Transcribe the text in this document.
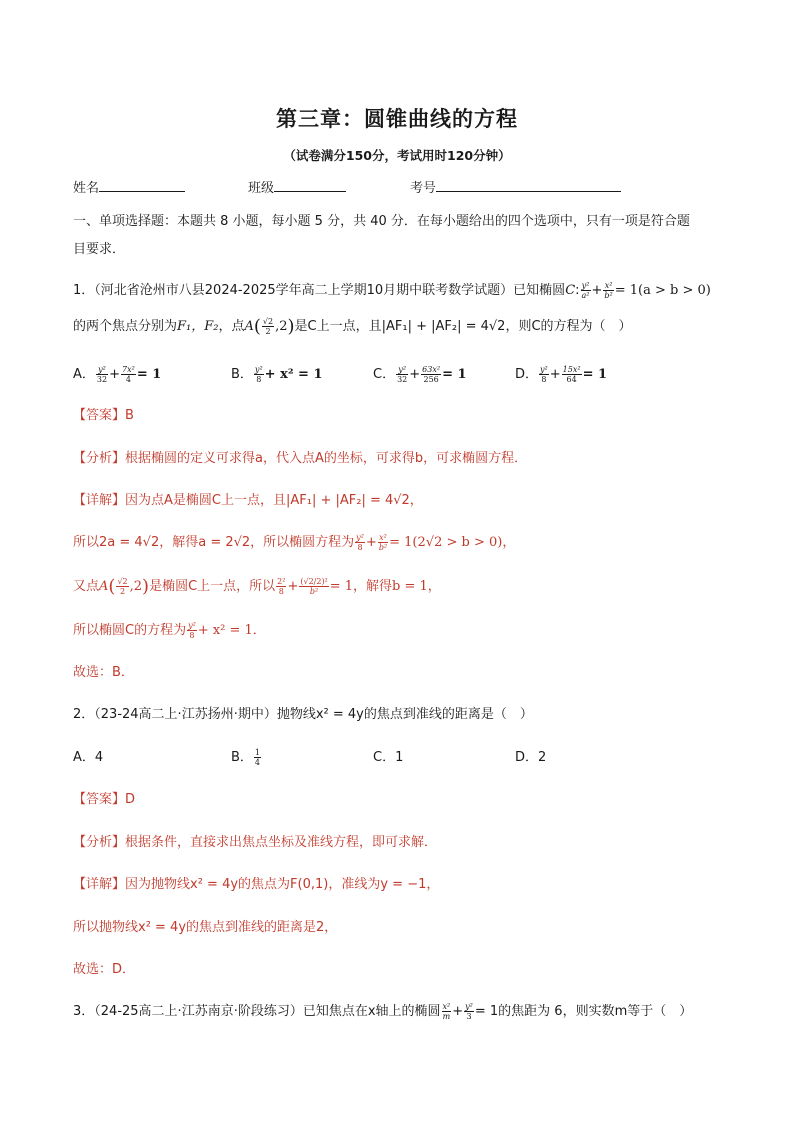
第三章：圆锥曲线的方程
（试卷满分150分，考试用时120分钟）
姓名	班级	考号
一、单项选择题：本题共 8 小题，每小题 5 分，共 40 分．在每小题给出的四个选项中，只有一项是符合题
目要求．
1．（河北省沧州市八县2024-2025学年高二上学期10月期中联考数学试题）已知椭圆C: $\frac{\text{y²}}{\text{a²}} + \frac{\text{x²}}{\text{b²}} = 1(a > b > 0)$
的两个焦点分别为F₁，F₂，点$A( \frac{√2}{2} ,2)$是C上一点，且|AF₁| + |AF₂| = 4√2，则C的方程为（　）
A． $\frac{\text{y²}}{32} + \frac{\text{7x²}}{4} = 1$	B． $\frac{\text{y²}}{8} + x^2 = 1$	C． $\frac{\text{y²}}{32} + \frac{\text{63x²}}{256} = 1$	D． $\frac{\text{y²}}{8} + \frac{\text{15x²}}{64} = 1$
【答案】B
【分析】根据椭圆的定义可求得a，代入点A的坐标，可求得b，可求椭圆方程．
【详解】因为点A是椭圆C上一点，且|AF₁| + |AF₂| = 4√2，
所以2a = 4√2，解得a = 2√2，所以椭圆方程为 $\frac{\text{y²}}{8} + \frac{\text{x²}}{\text{b²}} = 1(2√2 > b > 0)$，
又点$A( \frac{√2}{2} ,2)$是椭圆C上一点，所以 $\frac{\text{2²}}{8} + \frac{\text{(√2/2)²}}{\text{b²}} = 1$，解得b = 1，
所以椭圆C的方程为 $\frac{\text{y²}}{8} + x^2 = 1$．
故选：B．
2．（23-24高二上·江苏扬州·期中）抛物线x² = 4y的焦点到准线的距离是（　）
A．4	B． $\frac{1}{4}$	C．1	D．2
【答案】D
【分析】根据条件，直接求出焦点坐标及准线方程，即可求解．
【详解】因为抛物线x² = 4y的焦点为F(0,1)，准线为y = −1，
所以抛物线x² = 4y的焦点到准线的距离是2，
故选：D．
3．（24-25高二上·江苏南京·阶段练习）已知焦点在x轴上的椭圆 $\frac{\text{x²}}{m} + \frac{\text{y²}}{3} = 1$的焦距为 6，则实数m等于（　）
